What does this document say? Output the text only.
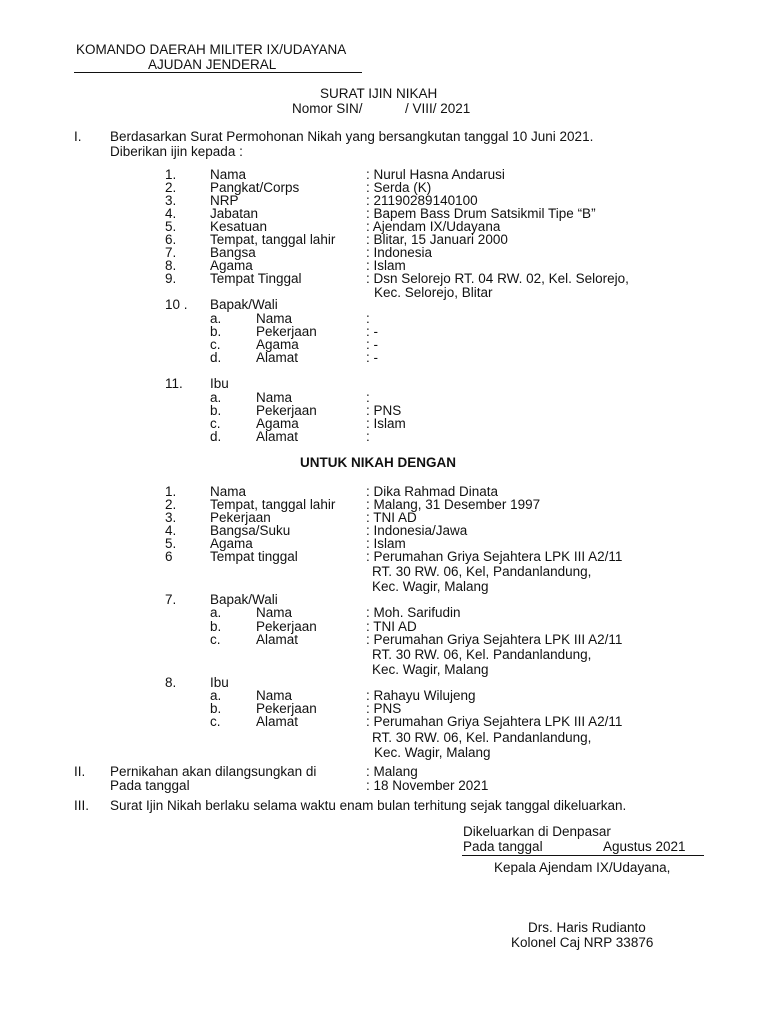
KOMANDO DAERAH MILITER IX/UDAYANA
AJUDAN JENDERAL
SURAT IJIN NIKAH
Nomor SIN/	/ VIII/ 2021
I. Berdasarkan Surat Permohonan Nikah yang bersangkutan tanggal 10 Juni 2021.
Diberikan ijin kepada :
1. Nama	: Nurul Hasna Andarusi
2. Pangkat/Corps	: Serda (K)
3. NRP	: 21190289140100
4. Jabatan	: Bapem Bass Drum Satsikmil Tipe “B”
5. Kesatuan	: Ajendam IX/Udayana
6. Tempat, tanggal lahir : Blitar, 15 Januari 2000
7. Bangsa	: Indonesia
8. Agama	: Islam
9. Tempat Tinggal	: Dsn Selorejo RT. 04 RW. 02, Kel. Selorejo,
Kec. Selorejo, Blitar
10 . Bapak/Wali
a.	Nama	:
b.	Pekerjaan	: -
c.	Agama	: -
d.	Alamat	: -
11. Ibu
a.	Nama	:
b.	Pekerjaan	: PNS
c.	Agama	: Islam
d.	Alamat	:
UNTUK NIKAH DENGAN
1. Nama	: Dika Rahmad Dinata
2. Tempat, tanggal lahir : Malang, 31 Desember 1997
3. Pekerjaan	: TNI AD
4. Bangsa/Suku	: Indonesia/Jawa
5. Agama	: Islam
6	Tempat tinggal	: Perumahan Griya Sejahtera LPK III A2/11
RT. 30 RW. 06, Kel, Pandanlandung,
Kec. Wagir, Malang
7. Bapak/Wali
a.	Nama	: Moh. Sarifudin
b.	Pekerjaan	: TNI AD
c.	Alamat	: Perumahan Griya Sejahtera LPK III A2/11
RT. 30 RW. 06, Kel. Pandanlandung,
Kec. Wagir, Malang
8. Ibu
a.	Nama	: Rahayu Wilujeng
b.	Pekerjaan	: PNS
c.	Alamat	: Perumahan Griya Sejahtera LPK III A2/11
RT. 30 RW. 06, Kel. Pandanlandung,
Kec. Wagir, Malang
II. Pernikahan akan dilangsungkan di	: Malang
Pada tanggal	: 18 November 2021
III. Surat Ijin Nikah berlaku selama waktu enam bulan terhitung sejak tanggal dikeluarkan.
Dikeluarkan di Denpasar
Pada tanggal	Agustus 2021
Kepala Ajendam IX/Udayana,
Drs. Haris Rudianto
Kolonel Caj NRP 33876
